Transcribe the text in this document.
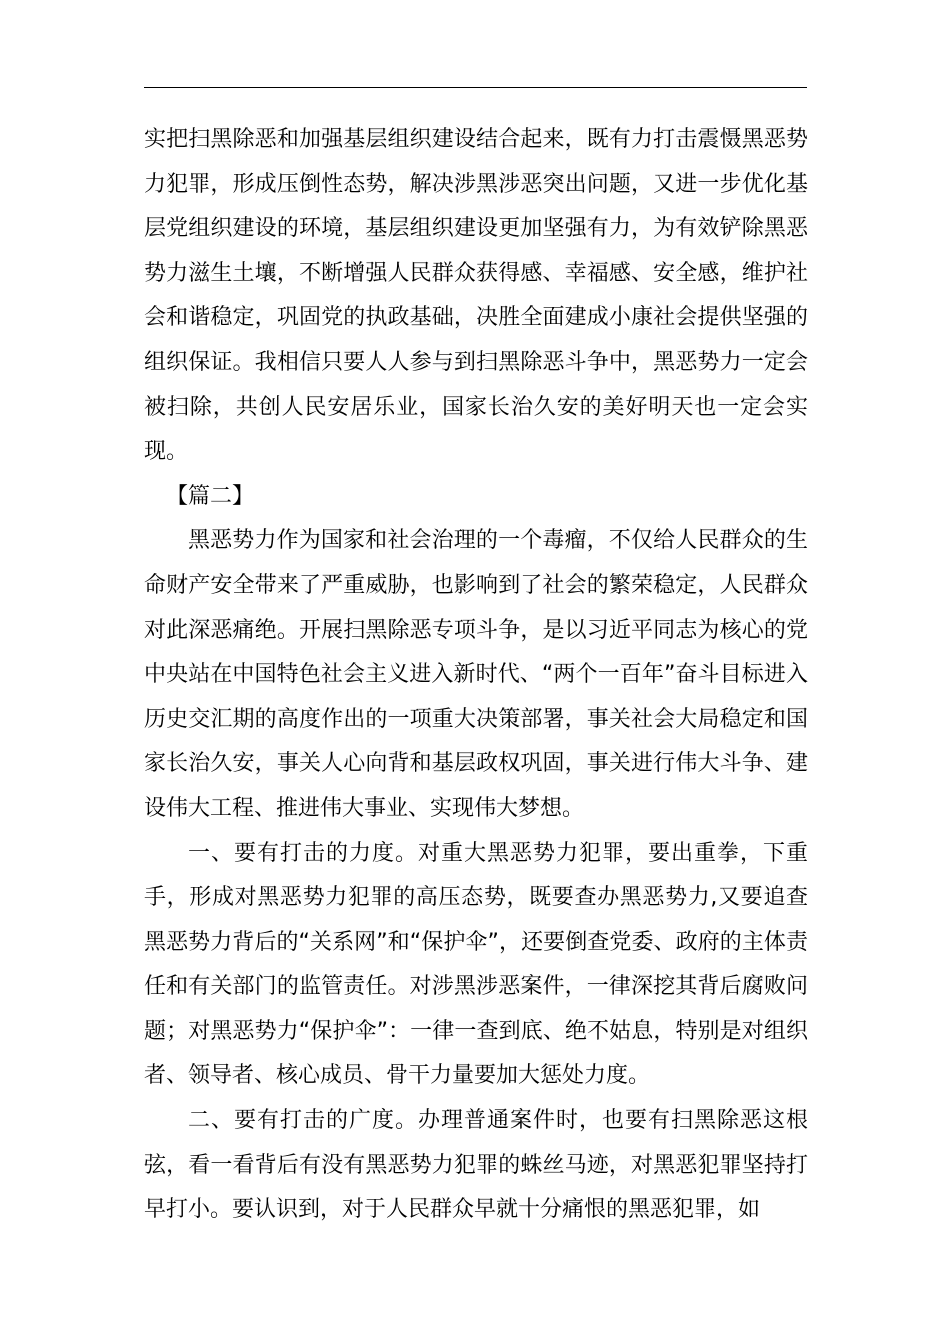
实把扫黑除恶和加强基层组织建设结合起来，既有力打击震慑黑恶势力犯罪，形成压倒性态势，解决涉黑涉恶突出问题，又进一步优化基层党组织建设的环境，基层组织建设更加坚强有力，为有效铲除黑恶势力滋生土壤，不断增强人民群众获得感、幸福感、安全感，维护社会和谐稳定，巩固党的执政基础，决胜全面建成小康社会提供坚强的组织保证。我相信只要人人参与到扫黑除恶斗争中，黑恶势力一定会被扫除，共创人民安居乐业，国家长治久安的美好明天也一定会实现。

【篇二】

黑恶势力作为国家和社会治理的一个毒瘤，不仅给人民群众的生命财产安全带来了严重威胁，也影响到了社会的繁荣稳定，人民群众对此深恶痛绝。开展扫黑除恶专项斗争，是以习近平同志为核心的党中央站在中国特色社会主义进入新时代、“两个一百年”奋斗目标进入历史交汇期的高度作出的一项重大决策部署，事关社会大局稳定和国家长治久安，事关人心向背和基层政权巩固，事关进行伟大斗争、建设伟大工程、推进伟大事业、实现伟大梦想。

一、要有打击的力度。对重大黑恶势力犯罪，要出重拳，下重手，形成对黑恶势力犯罪的高压态势，既要查办黑恶势力,又要追查黑恶势力背后的“关系网”和“保护伞”，还要倒查党委、政府的主体责任和有关部门的监管责任。对涉黑涉恶案件，一律深挖其背后腐败问题；对黑恶势力“保护伞”：一律一查到底、绝不姑息，特别是对组织者、领导者、核心成员、骨干力量要加大惩处力度。

二、要有打击的广度。办理普通案件时，也要有扫黑除恶这根弦，看一看背后有没有黑恶势力犯罪的蛛丝马迹，对黑恶犯罪坚持打早打小。要认识到，对于人民群众早就十分痛恨的黑恶犯罪，如
